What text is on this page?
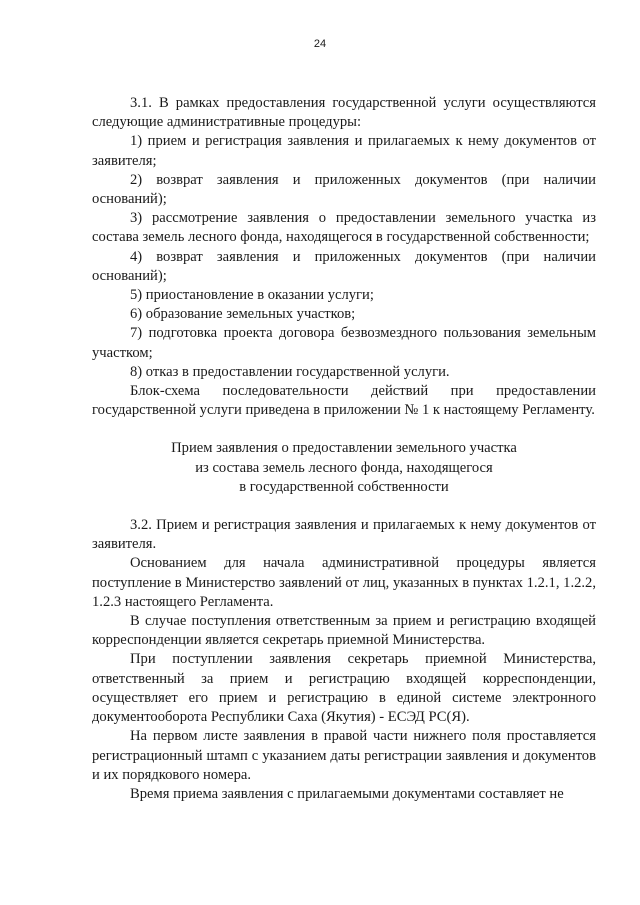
24

3.1. В рамках предоставления государственной услуги осуществляются следующие административные процедуры:

1) прием и регистрация заявления и прилагаемых к нему документов от заявителя;

2) возврат заявления и приложенных документов (при наличии оснований);

3) рассмотрение заявления о предоставлении земельного участка из состава земель лесного фонда, находящегося в государственной собственности;

4) возврат заявления и приложенных документов (при наличии оснований);

5) приостановление в оказании услуги;

6) образование земельных участков;

7) подготовка проекта договора безвозмездного пользования земельным участком;

8) отказ в предоставлении государственной услуги.

Блок-схема последовательности действий при предоставлении государственной услуги приведена в приложении № 1 к настоящему Регламенту.

Прием заявления о предоставлении земельного участка
из состава земель лесного фонда, находящегося
в государственной собственности

3.2. Прием и регистрация заявления и прилагаемых к нему документов от заявителя.

Основанием для начала административной процедуры является поступление в Министерство заявлений от лиц, указанных в пунктах 1.2.1, 1.2.2, 1.2.3 настоящего Регламента.

В случае поступления ответственным за прием и регистрацию входящей корреспонденции является секретарь приемной Министерства.

При поступлении заявления секретарь приемной Министерства, ответственный за прием и регистрацию входящей корреспонденции, осуществляет его прием и регистрацию в единой системе электронного документооборота Республики Саха (Якутия) - ЕСЭД РС(Я).

На первом листе заявления в правой части нижнего поля проставляется регистрационный штамп с указанием даты регистрации заявления и документов и их порядкового номера.

Время приема заявления с прилагаемыми документами составляет не
